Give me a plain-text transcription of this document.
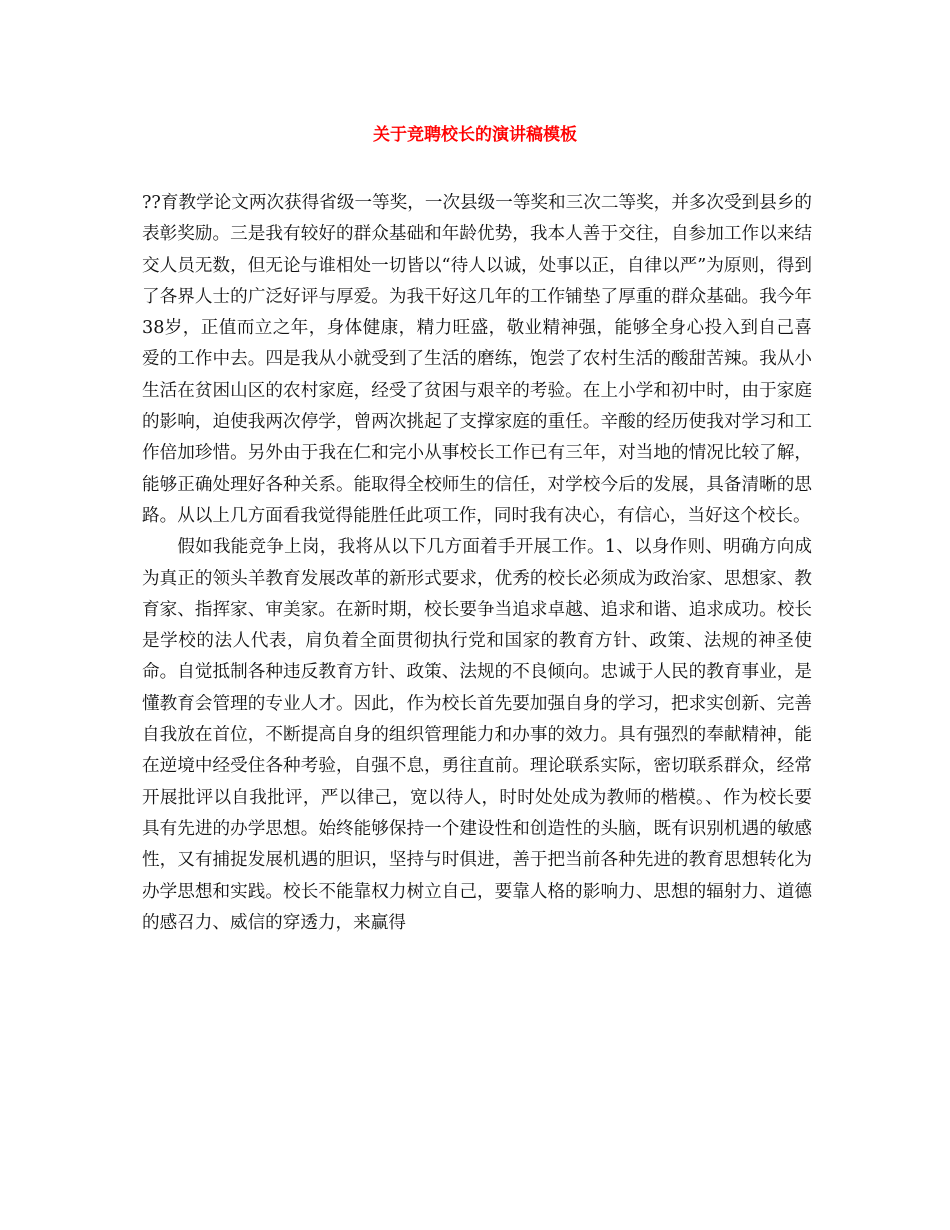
关于竞聘校长的演讲稿模板

??育教学论文两次获得省级一等奖，一次县级一等奖和三次二等奖，并多次受到县乡的表彰奖励。三是我有较好的群众基础和年龄优势，我本人善于交往，自参加工作以来结交人员无数，但无论与谁相处一切皆以“待人以诚，处事以正，自律以严”为原则，得到了各界人士的广泛好评与厚爱。为我干好这几年的工作铺垫了厚重的群众基础。我今年38岁，正值而立之年，身体健康，精力旺盛，敬业精神强，能够全身心投入到自己喜爱的工作中去。四是我从小就受到了生活的磨练，饱尝了农村生活的酸甜苦辣。我从小生活在贫困山区的农村家庭，经受了贫困与艰辛的考验。在上小学和初中时，由于家庭的影响，迫使我两次停学，曾两次挑起了支撑家庭的重任。辛酸的经历使我对学习和工作倍加珍惜。另外由于我在仁和完小从事校长工作已有三年，对当地的情况比较了解，能够正确处理好各种关系。能取得全校师生的信任，对学校今后的发展，具备清晰的思路。从以上几方面看我觉得能胜任此项工作，同时我有决心，有信心，当好这个校长。

假如我能竞争上岗，我将从以下几方面着手开展工作。1、以身作则、明确方向成为真正的领头羊教育发展改革的新形式要求，优秀的校长必须成为政治家、思想家、教育家、指挥家、审美家。在新时期，校长要争当追求卓越、追求和谐、追求成功。校长是学校的法人代表，肩负着全面贯彻执行党和国家的教育方针、政策、法规的神圣使命。自觉抵制各种违反教育方针、政策、法规的不良倾向。忠诚于人民的教育事业，是懂教育会管理的专业人才。因此，作为校长首先要加强自身的学习，把求实创新、完善自我放在首位，不断提高自身的组织管理能力和办事的效力。具有强烈的奉献精神，能在逆境中经受住各种考验，自强不息，勇往直前。理论联系实际，密切联系群众，经常开展批评以自我批评，严以律己，宽以待人，时时处处成为教师的楷模。、作为校长要具有先进的办学思想。始终能够保持一个建设性和创造性的头脑，既有识别机遇的敏感性，又有捕捉发展机遇的胆识，坚持与时俱进，善于把当前各种先进的教育思想转化为办学思想和实践。校长不能靠权力树立自己，要靠人格的影响力、思想的辐射力、道德的感召力、威信的穿透力，来赢得
